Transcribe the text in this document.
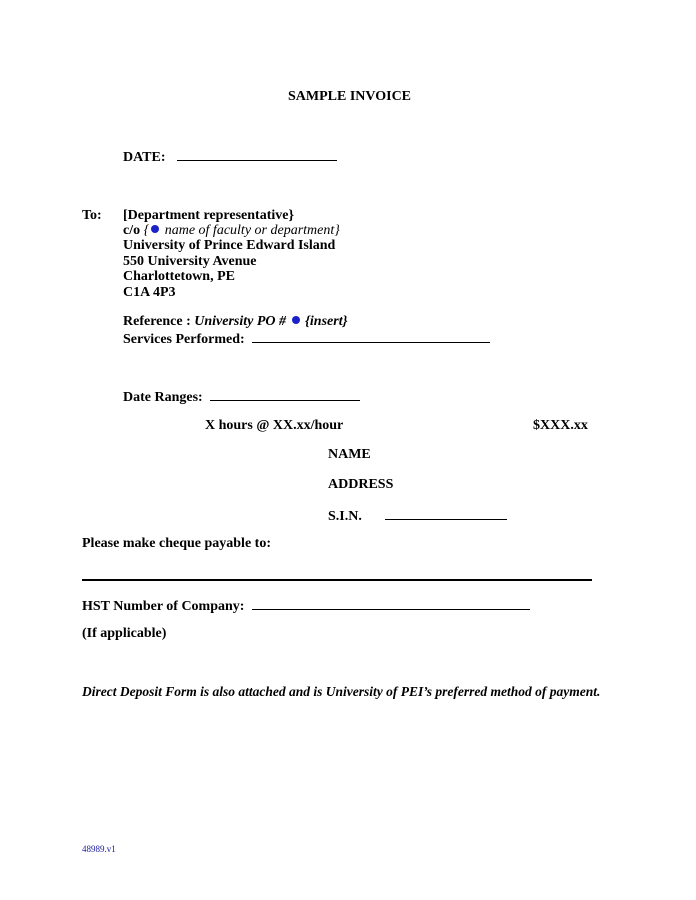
SAMPLE INVOICE
DATE:
To: [Department representative}
c/o { name of faculty or department}
University of Prince Edward Island
550 University Avenue
Charlottetown, PE
C1A 4P3
Reference : University PO # {insert}
Services Performed:
Date Ranges:
X hours @ XX.xx/hour	$XXX.xx
NAME
ADDRESS
S.I.N.
Please make cheque payable to:
HST Number of Company:
(If applicable)
Direct Deposit Form is also attached and is University of PEI’s preferred method of payment.
48989.v1
